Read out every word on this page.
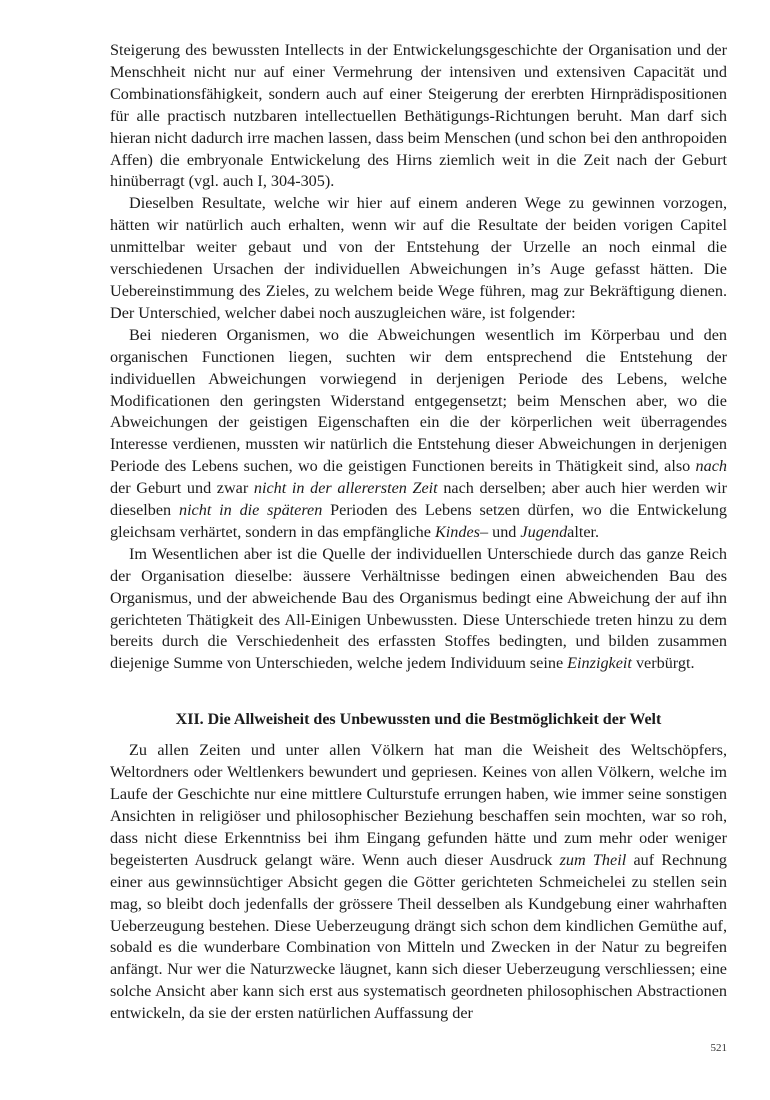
Steigerung des bewussten Intellects in der Entwickelungsgeschichte der Organisation und der Menschheit nicht nur auf einer Vermehrung der intensiven und extensiven Capacität und Combinationsfähigkeit, sondern auch auf einer Steigerung der ererbten Hirnprädispositionen für alle practisch nutzbaren intellectuellen Bethätigungs-Richtungen beruht. Man darf sich hieran nicht dadurch irre machen lassen, dass beim Menschen (und schon bei den anthropoiden Affen) die embryonale Entwickelung des Hirns ziemlich weit in die Zeit nach der Geburt hinüberragt (vgl. auch I, 304-305).

Dieselben Resultate, welche wir hier auf einem anderen Wege zu gewinnen vorzogen, hätten wir natürlich auch erhalten, wenn wir auf die Resultate der beiden vorigen Capitel unmittelbar weiter gebaut und von der Entstehung der Urzelle an noch einmal die verschiedenen Ursachen der individuellen Abweichungen in’s Auge gefasst hätten. Die Uebereinstimmung des Zieles, zu welchem beide Wege führen, mag zur Bekräftigung dienen. Der Unterschied, welcher dabei noch auszugleichen wäre, ist folgender:

Bei niederen Organismen, wo die Abweichungen wesentlich im Körperbau und den organischen Functionen liegen, suchten wir dem entsprechend die Entstehung der individuellen Abweichungen vorwiegend in derjenigen Periode des Lebens, welche Modificationen den geringsten Widerstand entgegensetzt; beim Menschen aber, wo die Abweichungen der geistigen Eigenschaften ein die der körperlichen weit überragendes Interesse verdienen, mussten wir natürlich die Entstehung dieser Abweichungen in derjenigen Periode des Lebens suchen, wo die geistigen Functionen bereits in Thätigkeit sind, also nach der Geburt und zwar nicht in der allerersten Zeit nach derselben; aber auch hier werden wir dieselben nicht in die späteren Perioden des Lebens setzen dürfen, wo die Entwickelung gleichsam verhärtet, sondern in das empfängliche Kindes– und Jugendalter.

Im Wesentlichen aber ist die Quelle der individuellen Unterschiede durch das ganze Reich der Organisation dieselbe: äussere Verhältnisse bedingen einen abweichenden Bau des Organismus, und der abweichende Bau des Organismus bedingt eine Abweichung der auf ihn gerichteten Thätigkeit des All-Einigen Unbewussten. Diese Unterschiede treten hinzu zu dem bereits durch die Verschiedenheit des erfassten Stoffes bedingten, und bilden zusammen diejenige Summe von Unterschieden, welche jedem Individuum seine Einzigkeit verbürgt.

XII. Die Allweisheit des Unbewussten und die Bestmöglichkeit der Welt

Zu allen Zeiten und unter allen Völkern hat man die Weisheit des Weltschöpfers, Weltordners oder Weltlenkers bewundert und gepriesen. Keines von allen Völkern, welche im Laufe der Geschichte nur eine mittlere Culturstufe errungen haben, wie immer seine sonstigen Ansichten in religiöser und philosophischer Beziehung beschaffen sein mochten, war so roh, dass nicht diese Erkenntniss bei ihm Eingang gefunden hätte und zum mehr oder weniger begeisterten Ausdruck gelangt wäre. Wenn auch dieser Ausdruck zum Theil auf Rechnung einer aus gewinnsüchtiger Absicht gegen die Götter gerichteten Schmeichelei zu stellen sein mag, so bleibt doch jedenfalls der grössere Theil desselben als Kundgebung einer wahrhaften Ueberzeugung bestehen. Diese Ueberzeugung drängt sich schon dem kindlichen Gemüthe auf, sobald es die wunderbare Combination von Mitteln und Zwecken in der Natur zu begreifen anfängt. Nur wer die Naturzwecke läugnet, kann sich dieser Ueberzeugung verschliessen; eine solche Ansicht aber kann sich erst aus systematisch geordneten philosophischen Abstractionen entwickeln, da sie der ersten natürlichen Auffassung der

521
